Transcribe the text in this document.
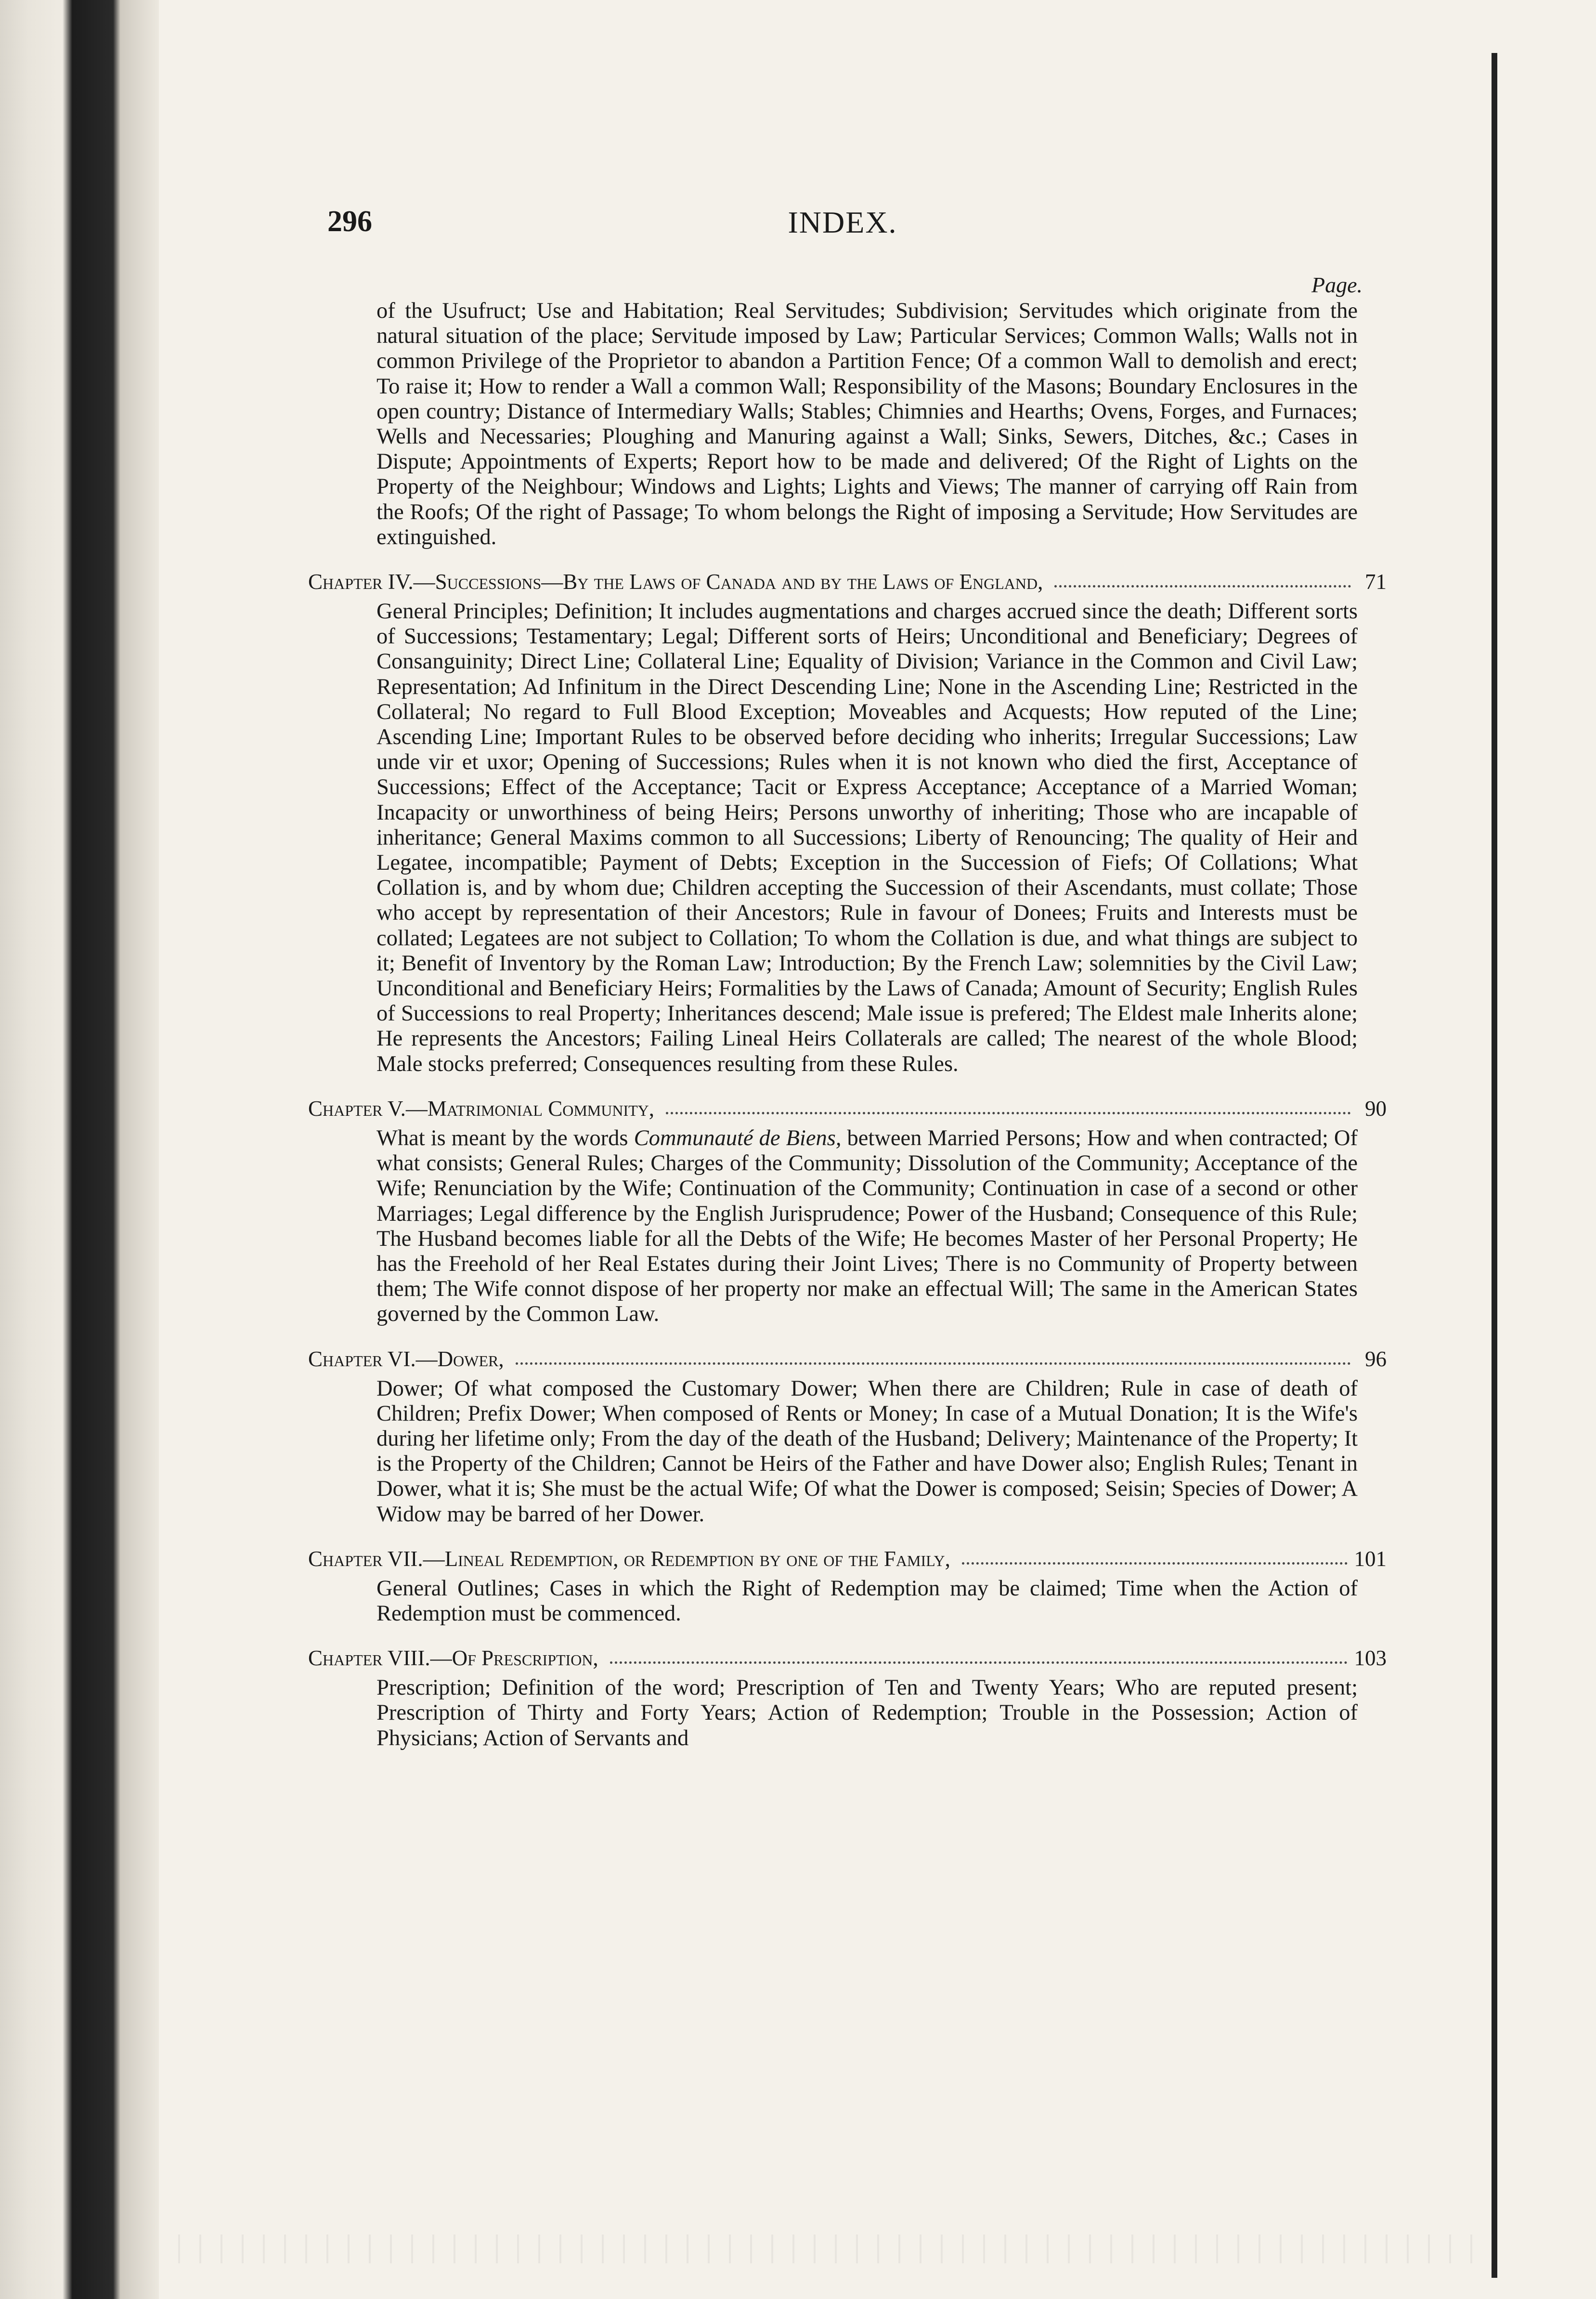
296	INDEX.
Page.

of the Usufruct; Use and Habitation; Real Servitudes; Subdivision; Servitudes which originate from the natural situation of the place; Servitude imposed by Law; Particular Services; Common Walls; Walls not in common Privilege of the Proprietor to abandon a Partition Fence; Of a common Wall to demolish and erect; To raise it; How to render a Wall a common Wall; Responsibility of the Masons; Boundary Enclosures in the open country; Distance of Intermediary Walls; Stables; Chimnies and Hearths; Ovens, Forges, and Furnaces; Wells and Necessaries; Ploughing and Manuring against a Wall; Sinks, Sewers, Ditches, &c.; Cases in Dispute; Appointments of Experts; Report how to be made and delivered; Of the Right of Lights on the Property of the Neighbour; Windows and Lights; Lights and Views; The manner of carrying off Rain from the Roofs; Of the right of Passage; To whom belongs the Right of imposing a Servitude; How Servitudes are extinguished.

Chapter IV.—Successions—By the Laws of Canada and by the Laws of England,	71

General Principles; Definition; It includes augmentations and charges accrued since the death; Different sorts of Successions; Testamentary; Legal; Different sorts of Heirs; Unconditional and Beneficiary; Degrees of Consanguinity; Direct Line; Collateral Line; Equality of Division; Variance in the Common and Civil Law; Representation; Ad Infinitum in the Direct Descending Line; None in the Ascending Line; Restricted in the Collateral; No regard to Full Blood Exception; Moveables and Acquests; How reputed of the Line; Ascending Line; Important Rules to be observed before deciding who inherits; Irregular Successions; Law unde vir et uxor; Opening of Successions; Rules when it is not known who died the first, Acceptance of Successions; Effect of the Acceptance; Tacit or Express Acceptance; Acceptance of a Married Woman; Incapacity or unworthiness of being Heirs; Persons unworthy of inheriting; Those who are incapable of inheritance; General Maxims common to all Successions; Liberty of Renouncing; The quality of Heir and Legatee, incompatible; Payment of Debts; Exception in the Succession of Fiefs; Of Collations; What Collation is, and by whom due; Children accepting the Succession of their Ascendants, must collate; Those who accept by representation of their Ancestors; Rule in favour of Donees; Fruits and Interests must be collated; Legatees are not subject to Collation; To whom the Collation is due, and what things are subject to it; Benefit of Inventory by the Roman Law; Introduction; By the French Law; solemnities by the Civil Law; Unconditional and Beneficiary Heirs; Formalities by the Laws of Canada; Amount of Security; English Rules of Successions to real Property; Inheritances descend; Male issue is prefered; The Eldest male Inherits alone; He represents the Ancestors; Failing Lineal Heirs Collaterals are called; The nearest of the whole Blood; Male stocks preferred; Consequences resulting from these Rules.

Chapter V.—Matrimonial Community,	90

What is meant by the words Communauté de Biens, between Married Persons; How and when contracted; Of what consists; General Rules; Charges of the Community; Dissolution of the Community; Acceptance of the Wife; Renunciation by the Wife; Continuation of the Community; Continuation in case of a second or other Marriages; Legal difference by the English Jurisprudence; Power of the Husband; Consequence of this Rule; The Husband becomes liable for all the Debts of the Wife; He becomes Master of her Personal Property; He has the Freehold of her Real Estates during their Joint Lives; There is no Community of Property between them; The Wife connot dispose of her property nor make an effectual Will; The same in the American States governed by the Common Law.

Chapter VI.—Dower,	96

Dower; Of what composed the Customary Dower; When there are Children; Rule in case of death of Children; Prefix Dower; When composed of Rents or Money; In case of a Mutual Donation; It is the Wife's during her lifetime only; From the day of the death of the Husband; Delivery; Maintenance of the Property; It is the Property of the Children; Cannot be Heirs of the Father and have Dower also; English Rules; Tenant in Dower, what it is; She must be the actual Wife; Of what the Dower is composed; Seisin; Species of Dower; A Widow may be barred of her Dower.

Chapter VII.—Lineal Redemption, or Redemption by one of the Family,	101

General Outlines; Cases in which the Right of Redemption may be claimed; Time when the Action of Redemption must be commenced.

Chapter VIII.—Of Prescription,	103

Prescription; Definition of the word; Prescription of Ten and Twenty Years; Who are reputed present; Prescription of Thirty and Forty Years; Action of Redemption; Trouble in the Possession; Action of Physicians; Action of Servants and
